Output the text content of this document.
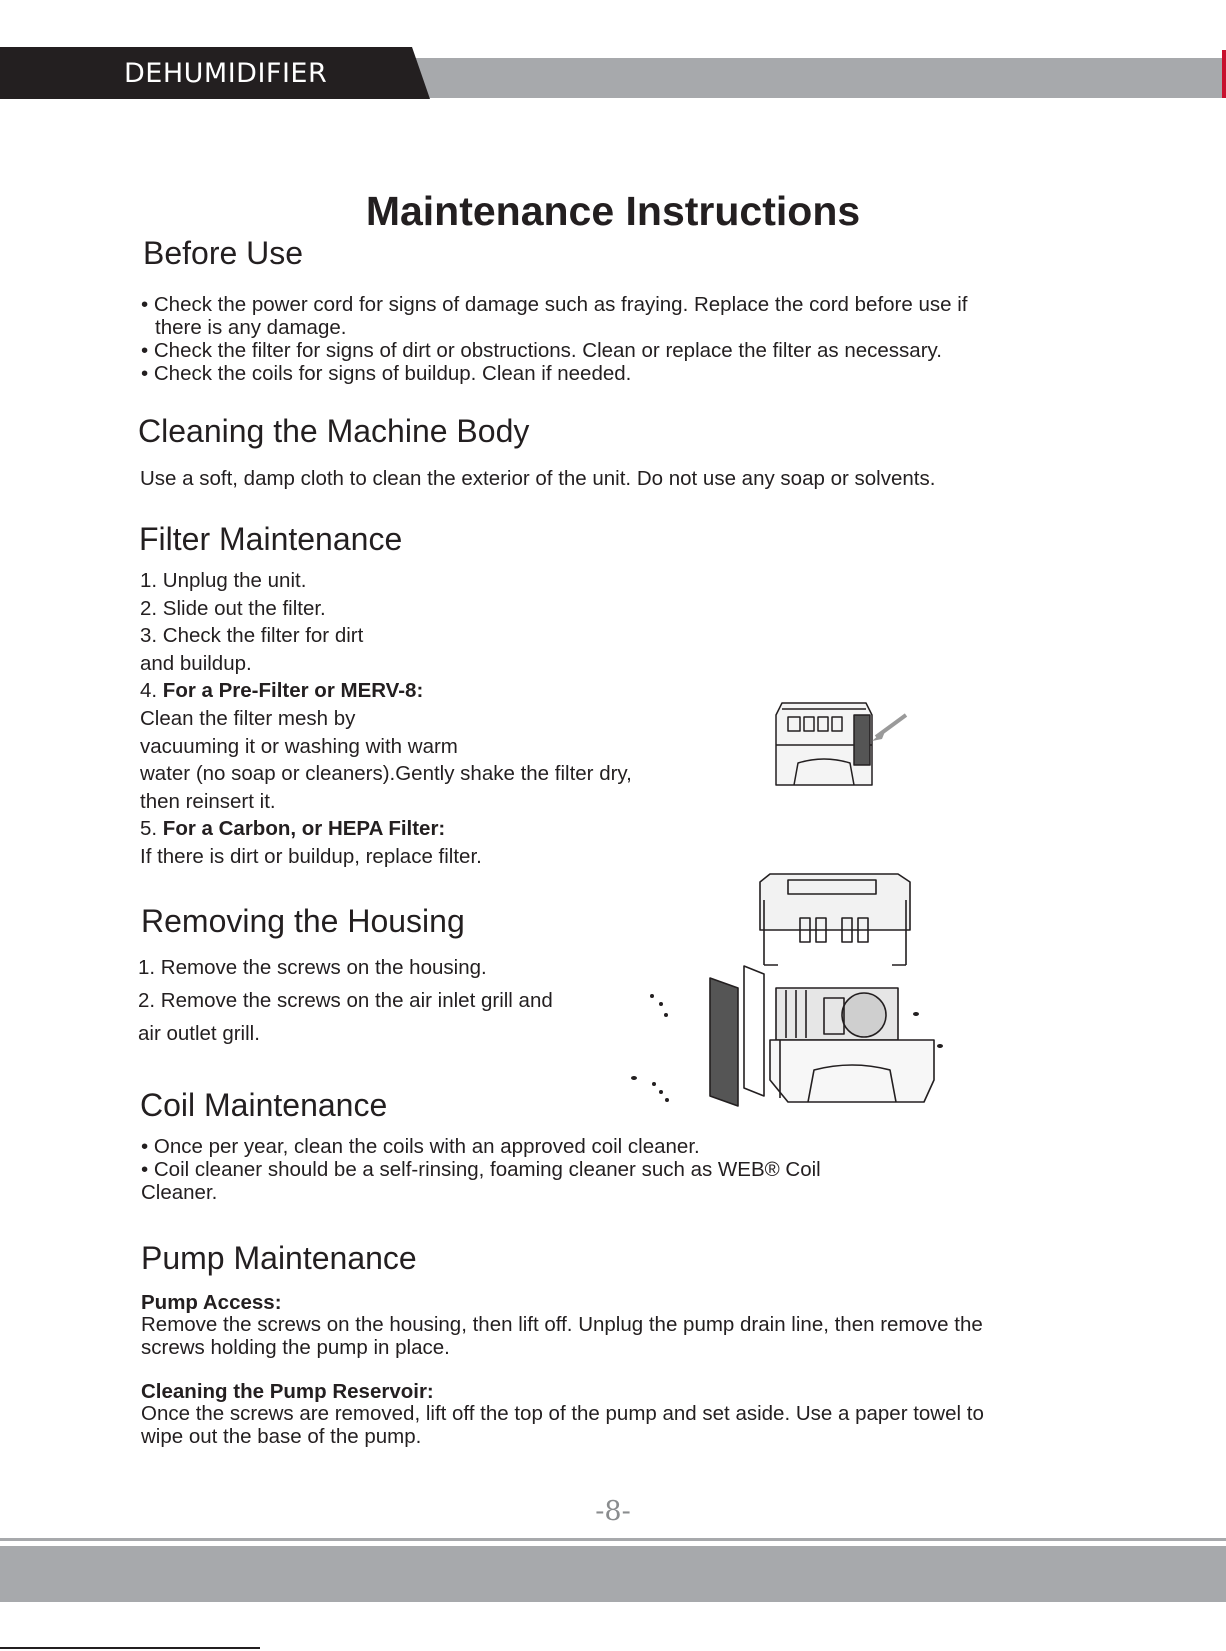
DEHUMIDIFIER
Maintenance Instructions
Before Use
• Check the power cord for signs of damage such as fraying. Replace the cord before use if
there is any damage.
• Check the filter for signs of dirt or obstructions. Clean or replace the filter as necessary.
• Check the coils for signs of buildup. Clean if needed.
Cleaning the Machine Body
Use a soft, damp cloth to clean the exterior of the unit. Do not use any soap or solvents.
Filter Maintenance
1. Unplug the unit.
2. Slide out the filter.
3. Check the filter for dirt
and buildup.
4. For a Pre-Filter or MERV-8:
Clean the filter mesh by
vacuuming it or washing with warm
water (no soap or cleaners).Gently shake the filter dry,
then reinsert it.
5. For a Carbon, or HEPA Filter:
If there is dirt or buildup, replace filter.
Removing the Housing
1. Remove the screws on the housing.
2. Remove the screws on the air inlet grill and
air outlet grill.
Coil Maintenance
• Once per year, clean the coils with an approved coil cleaner.
• Coil cleaner should be a self-rinsing, foaming cleaner such as WEB® Coil
Cleaner.
Pump Maintenance
Pump Access:
Remove the screws on the housing, then lift off. Unplug the pump drain line, then remove the
screws holding the pump in place.
Cleaning the Pump Reservoir:
Once the screws are removed, lift off the top of the pump and set aside. Use a paper towel to
wipe out the base of the pump.
-8-
